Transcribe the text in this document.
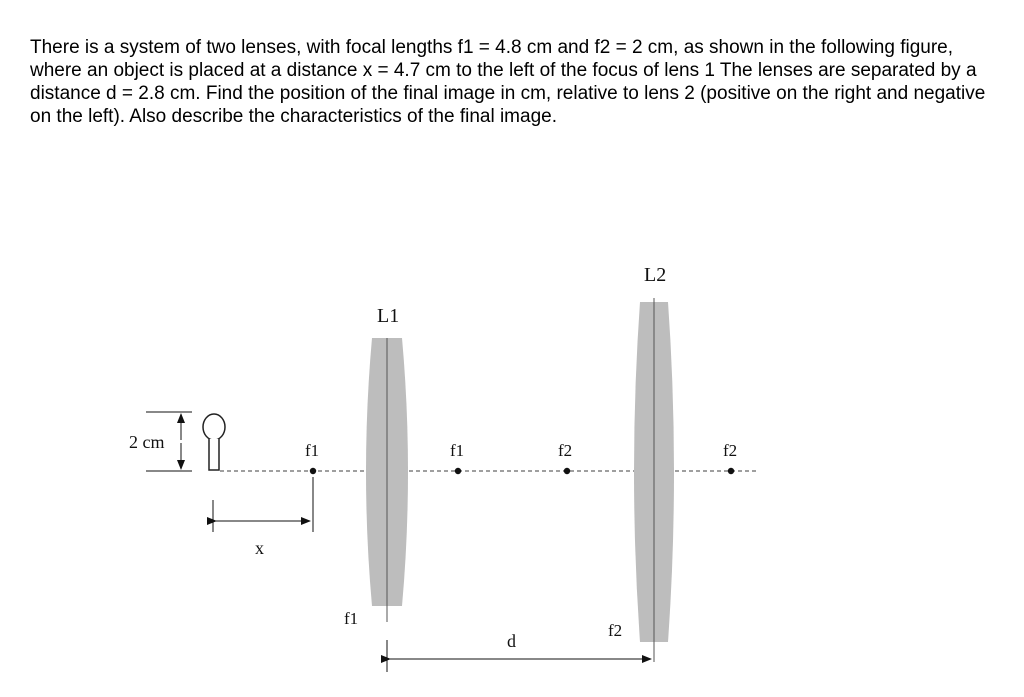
There is a system of two lenses, with focal lengths f1 = 4.8 cm and f2 = 2 cm, as shown in the following figure, where an object is placed at a distance x = 4.7 cm to the left of the focus of lens 1 The lenses are separated by a distance d = 2.8 cm. Find the position of the final image in cm, relative to lens 2 (positive on the right and negative on the left). Also describe the characteristics of the final image.

L1
L2
2 cm	f1	f1	f2	f2
x
f1
f2
d
